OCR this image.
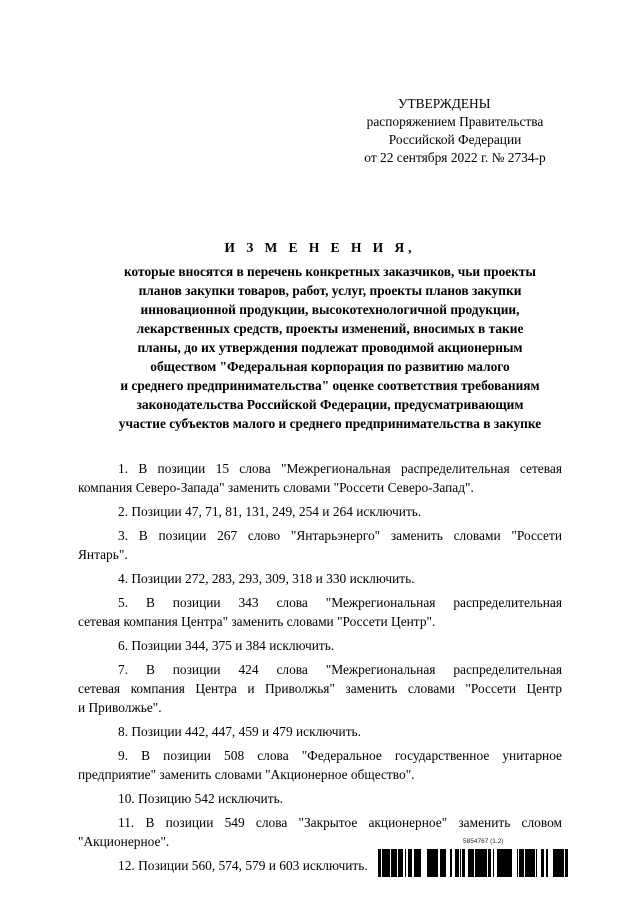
УТВЕРЖДЕНЫ
распоряжением Правительства
Российской Федерации
от 22 сентября 2022 г. № 2734-р
И З М Е Н Е Н И Я,
которые вносятся в перечень конкретных заказчиков, чьи проекты
планов закупки товаров, работ, услуг, проекты планов закупки
инновационной продукции, высокотехнологичной продукции,
лекарственных средств, проекты изменений, вносимых в такие
планы, до их утверждения подлежат проводимой акционерным
обществом "Федеральная корпорация по развитию малого
и среднего предпринимательства" оценке соответствия требованиям
законодательства Российской Федерации, предусматривающим
участие субъектов малого и среднего предпринимательства в закупке
1. В позиции 15 слова "Межрегиональная распределительная сетевая
компания Северо-Запада" заменить словами "Россети Северо-Запад".
2. Позиции 47, 71, 81, 131, 249, 254 и 264 исключить.
3. В позиции 267 слово "Янтарьэнерго" заменить словами "Россети
Янтарь".
4. Позиции 272, 283, 293, 309, 318 и 330 исключить.
5. В позиции 343 слова "Межрегиональная распределительная
сетевая компания Центра" заменить словами "Россети Центр".
6. Позиции 344, 375 и 384 исключить.
7. В позиции 424 слова "Межрегиональная распределительная
сетевая компания Центра и Приволжья" заменить словами "Россети Центр
и Приволжье".
8. Позиции 442, 447, 459 и 479 исключить.
9. В позиции 508 слова "Федеральное государственное унитарное
предприятие" заменить словами "Акционерное общество".
10. Позицию 542 исключить.
11. В позиции 549 слова "Закрытое акционерное" заменить словом
"Акционерное".
12. Позиции 560, 574, 579 и 603 исключить.
5854767 (1.2)
